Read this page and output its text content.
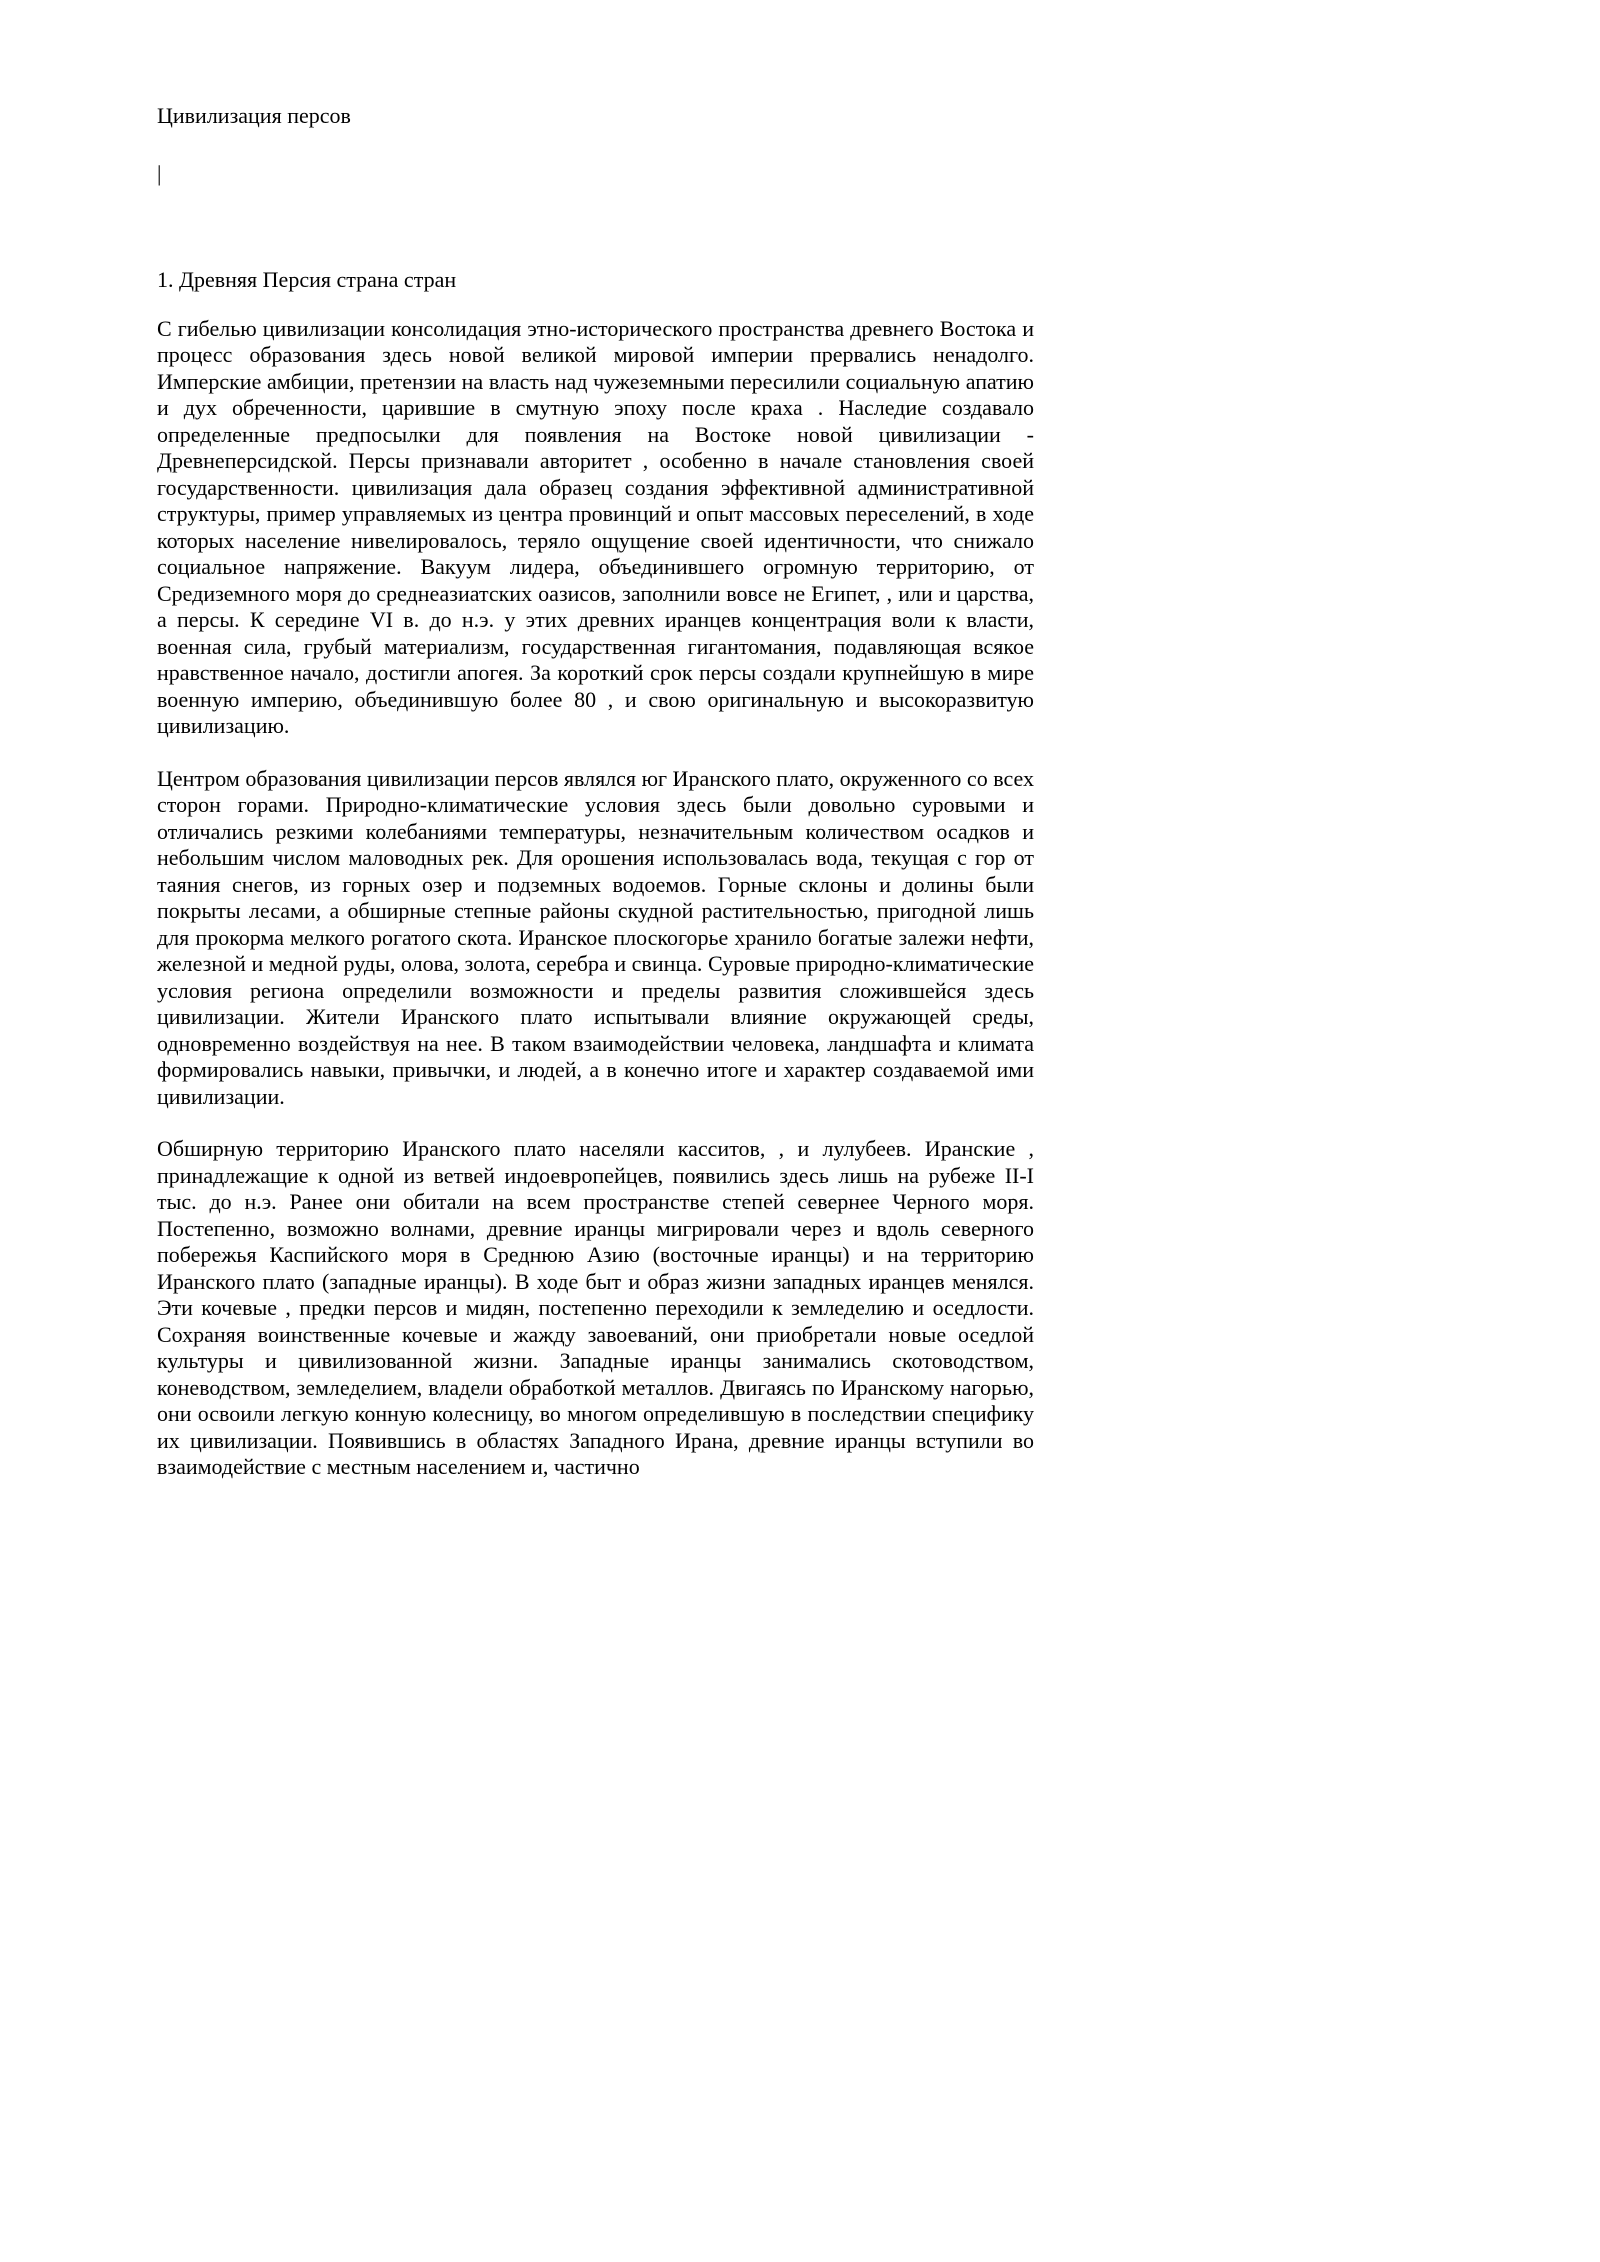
Цивилизация персов
|
1. Древняя Персия страна стран

С гибелью цивилизации консолидация этно-исторического пространства древнего Востока и процесс образования здесь новой великой мировой империи прервались ненадолго. Имперские амбиции, претензии на власть над чужеземными пересилили социальную апатию и дух обреченности, царившие в смутную эпоху после краха . Наследие создавало определенные предпосылки для появления на Востоке новой цивилизации - Древнеперсидской. Персы признавали авторитет , особенно в начале становления своей государственности. цивилизация дала образец создания эффективной административной структуры, пример управляемых из центра провинций и опыт массовых переселений, в ходе которых население нивелировалось, теряло ощущение своей идентичности, что снижало социальное напряжение. Вакуум лидера, объединившего огромную территорию, от Средиземного моря до среднеазиатских оазисов, заполнили вовсе не Египет, , или и царства, а персы. К середине VI в. до н.э. у этих древних иранцев концентрация воли к власти, военная сила, грубый материализм, государственная гигантомания, подавляющая всякое нравственное начало, достигли апогея. За короткий срок персы создали крупнейшую в мире военную империю, объединившую более 80 , и свою оригинальную и высокоразвитую цивилизацию.

Центром образования цивилизации персов являлся юг Иранского плато, окруженного со всех сторон горами. Природно-климатические условия здесь были довольно суровыми и отличались резкими колебаниями температуры, незначительным количеством осадков и небольшим числом маловодных рек. Для орошения использовалась вода, текущая с гор от таяния снегов, из горных озер и подземных водоемов. Горные склоны и долины были покрыты лесами, а обширные степные районы скудной растительностью, пригодной лишь для прокорма мелкого рогатого скота. Иранское плоскогорье хранило богатые залежи нефти, железной и медной руды, олова, золота, серебра и свинца. Суровые природно-климатические условия региона определили возможности и пределы развития сложившейся здесь цивилизации. Жители Иранского плато испытывали влияние окружающей среды, одновременно воздействуя на нее. В таком взаимодействии человека, ландшафта и климата формировались навыки, привычки, и людей, а в конечно итоге и характер создаваемой ими цивилизации.

Обширную территорию Иранского плато населяли касситов, , и лулубеев. Иранские , принадлежащие к одной из ветвей индоевропейцев, появились здесь лишь на рубеже II-I тыс. до н.э. Ранее они обитали на всем пространстве степей севернее Черного моря. Постепенно, возможно волнами, древние иранцы мигрировали через и вдоль северного побережья Каспийского моря в Среднюю Азию (восточные иранцы) и на территорию Иранского плато (западные иранцы). В ходе быт и образ жизни западных иранцев менялся. Эти кочевые , предки персов и мидян, постепенно переходили к земледелию и оседлости. Сохраняя воинственные кочевые и жажду завоеваний, они приобретали новые оседлой культуры и цивилизованной жизни. Западные иранцы занимались скотоводством, коневодством, земледелием, владели обработкой металлов. Двигаясь по Иранскому нагорью, они освоили легкую конную колесницу, во многом определившую в последствии специфику их цивилизации. Появившись в областях Западного Ирана, древние иранцы вступили во взаимодействие с местным населением и, частично
